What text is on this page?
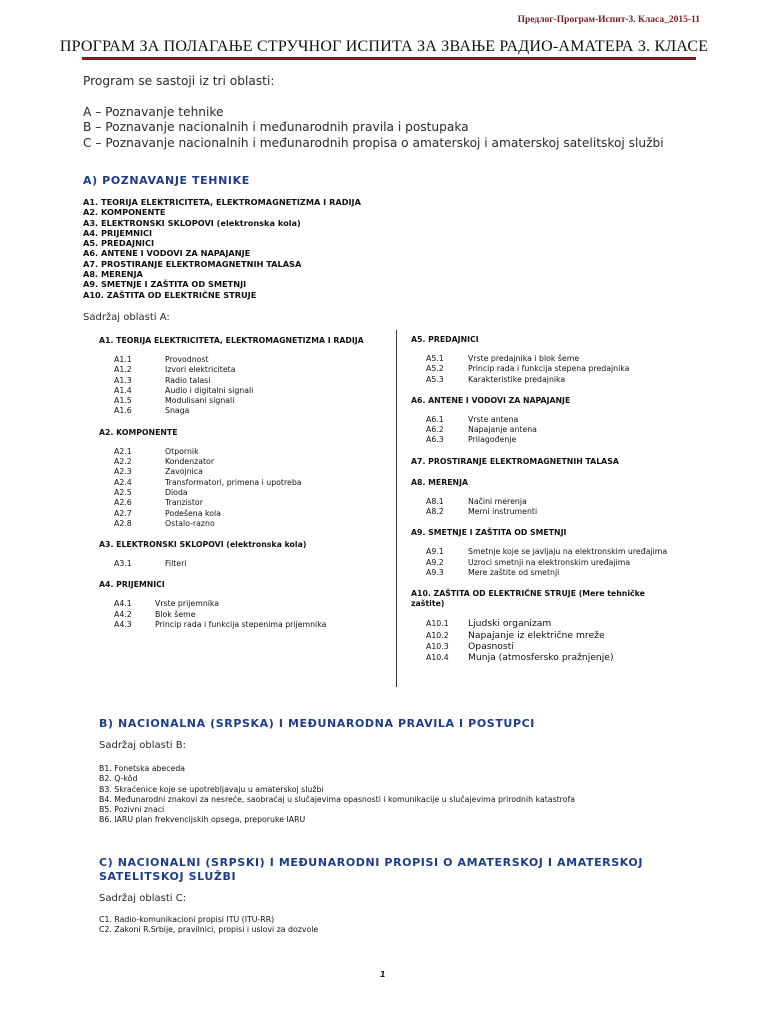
Предлог-Програм-Испит-3. Класа_2015-11
ПРОГРАМ ЗА ПОЛАГАЊЕ СТРУЧНОГ ИСПИТА ЗА ЗВАЊЕ РАДИО-АМАТЕРА 3. КЛАСЕ
Program se sastoji iz tri oblasti:
A – Poznavanje tehnike
B – Poznavanje nacionalnih i međunarodnih pravila i postupaka
C – Poznavanje nacionalnih i međunarodnih propisa o amaterskoj i amaterskoj satelitskoj službi
A) POZNAVANJE TEHNIKE
A1. TEORIJA ELEKTRICITETA, ELEKTROMAGNETIZMA I RADIJA
A2. KOMPONENTE
A3. ELEKTRONSKI SKLOPOVI (elektronska kola)
A4. PRIJEMNICI
A5. PREDAJNICI
A6. ANTENE I VODOVI ZA NAPAJANJE
A7. PROSTIRANJE ELEKTROMAGNETNIH TALASA
A8. MERENJA
A9. SMETNJE I ZAŠTITA OD SMETNJI
A10. ZAŠTITA OD ELEKTRIČNE STRUJE
Sadržaj oblasti A:
A1. TEORIJA ELEKTRICITETA, ELEKTROMAGNETIZMA I RADIJA
A1.1	Provodnost
A1.2	Izvori elektriciteta
A1.3	Radio talasi
A1.4	Audio i digitalni signali
A1.5	Modulisani signali
A1.6	Snaga
A2. KOMPONENTE
A2.1	Otpornik
A2.2	Kondenzator
A2.3	Zavojnica
A2.4	Transformatori, primena i upotreba
A2.5	Dioda
A2.6	Tranzistor
A2.7	Podešena kola
A2.8	Ostalo-razno
A3. ELEKTRONSKI SKLOPOVI (elektronska kola)
A3.1	Filteri
A4. PRIJEMNICI
A4.1	Vrste prijemnika
A4.2	Blok šeme
A4.3	Princip rada i funkcija stepenima prijemnika
A5. PREDAJNICI
A5.1	Vrste predajnika i blok šeme
A5.2	Princip rada i funkcija stepena predajnika
A5.3	Karakteristike predajnika
A6. ANTENE I VODOVI ZA NAPAJANJE
A6.1	Vrste antena
A6.2	Napajanje antena
A6.3	Prilagođenje
A7. PROSTIRANJE ELEKTROMAGNETNIH TALASA
A8. MERENJA
A8.1	Načini merenja
A8.2	Merni instrumenti
A9. SMETNJE I ZAŠTITA OD SMETNJI
A9.1	Smetnje koje se javljaju na elektronskim uređajima
A9.2	Uzroci smetnji na elektronskim uređajima
A9.3	Mere zaštite od smetnji
A10. ZAŠTITA OD ELEKTRIČNE STRUJE (Mere tehničke zaštite)
A10.1	Ljudski organizam
A10.2	Napajanje iz električne mreže
A10.3	Opasnosti
A10.4	Munja (atmosfersko pražnjenje)
B) NACIONALNA (SRPSKA) I MEĐUNARODNA PRAVILA I POSTUPCI
Sadržaj oblasti B:
B1. Fonetska abeceda
B2. Q-kôd
B3. Skraćenice koje se upotrebljavaju u amaterskoj službi
B4. Međunarodni znakovi za nesreće, saobraćaj u slučajevima opasnosti i komunikacije u slučajevima prirodnih katastrofa
B5. Pozivni znaci
B6. IARU plan frekvencijskih opsega, preporuke IARU
C) NACIONALNI (SRPSKI) I MEĐUNARODNI PROPISI O AMATERSKOJ I AMATERSKOJ SATELITSKOJ SLUŽBI
Sadržaj oblasti C:
C1. Radio-komunikacioni propisi ITU (ITU-RR)
C2. Zakoni R.Srbije, pravilnici, propisi i uslovi za dozvole
1
